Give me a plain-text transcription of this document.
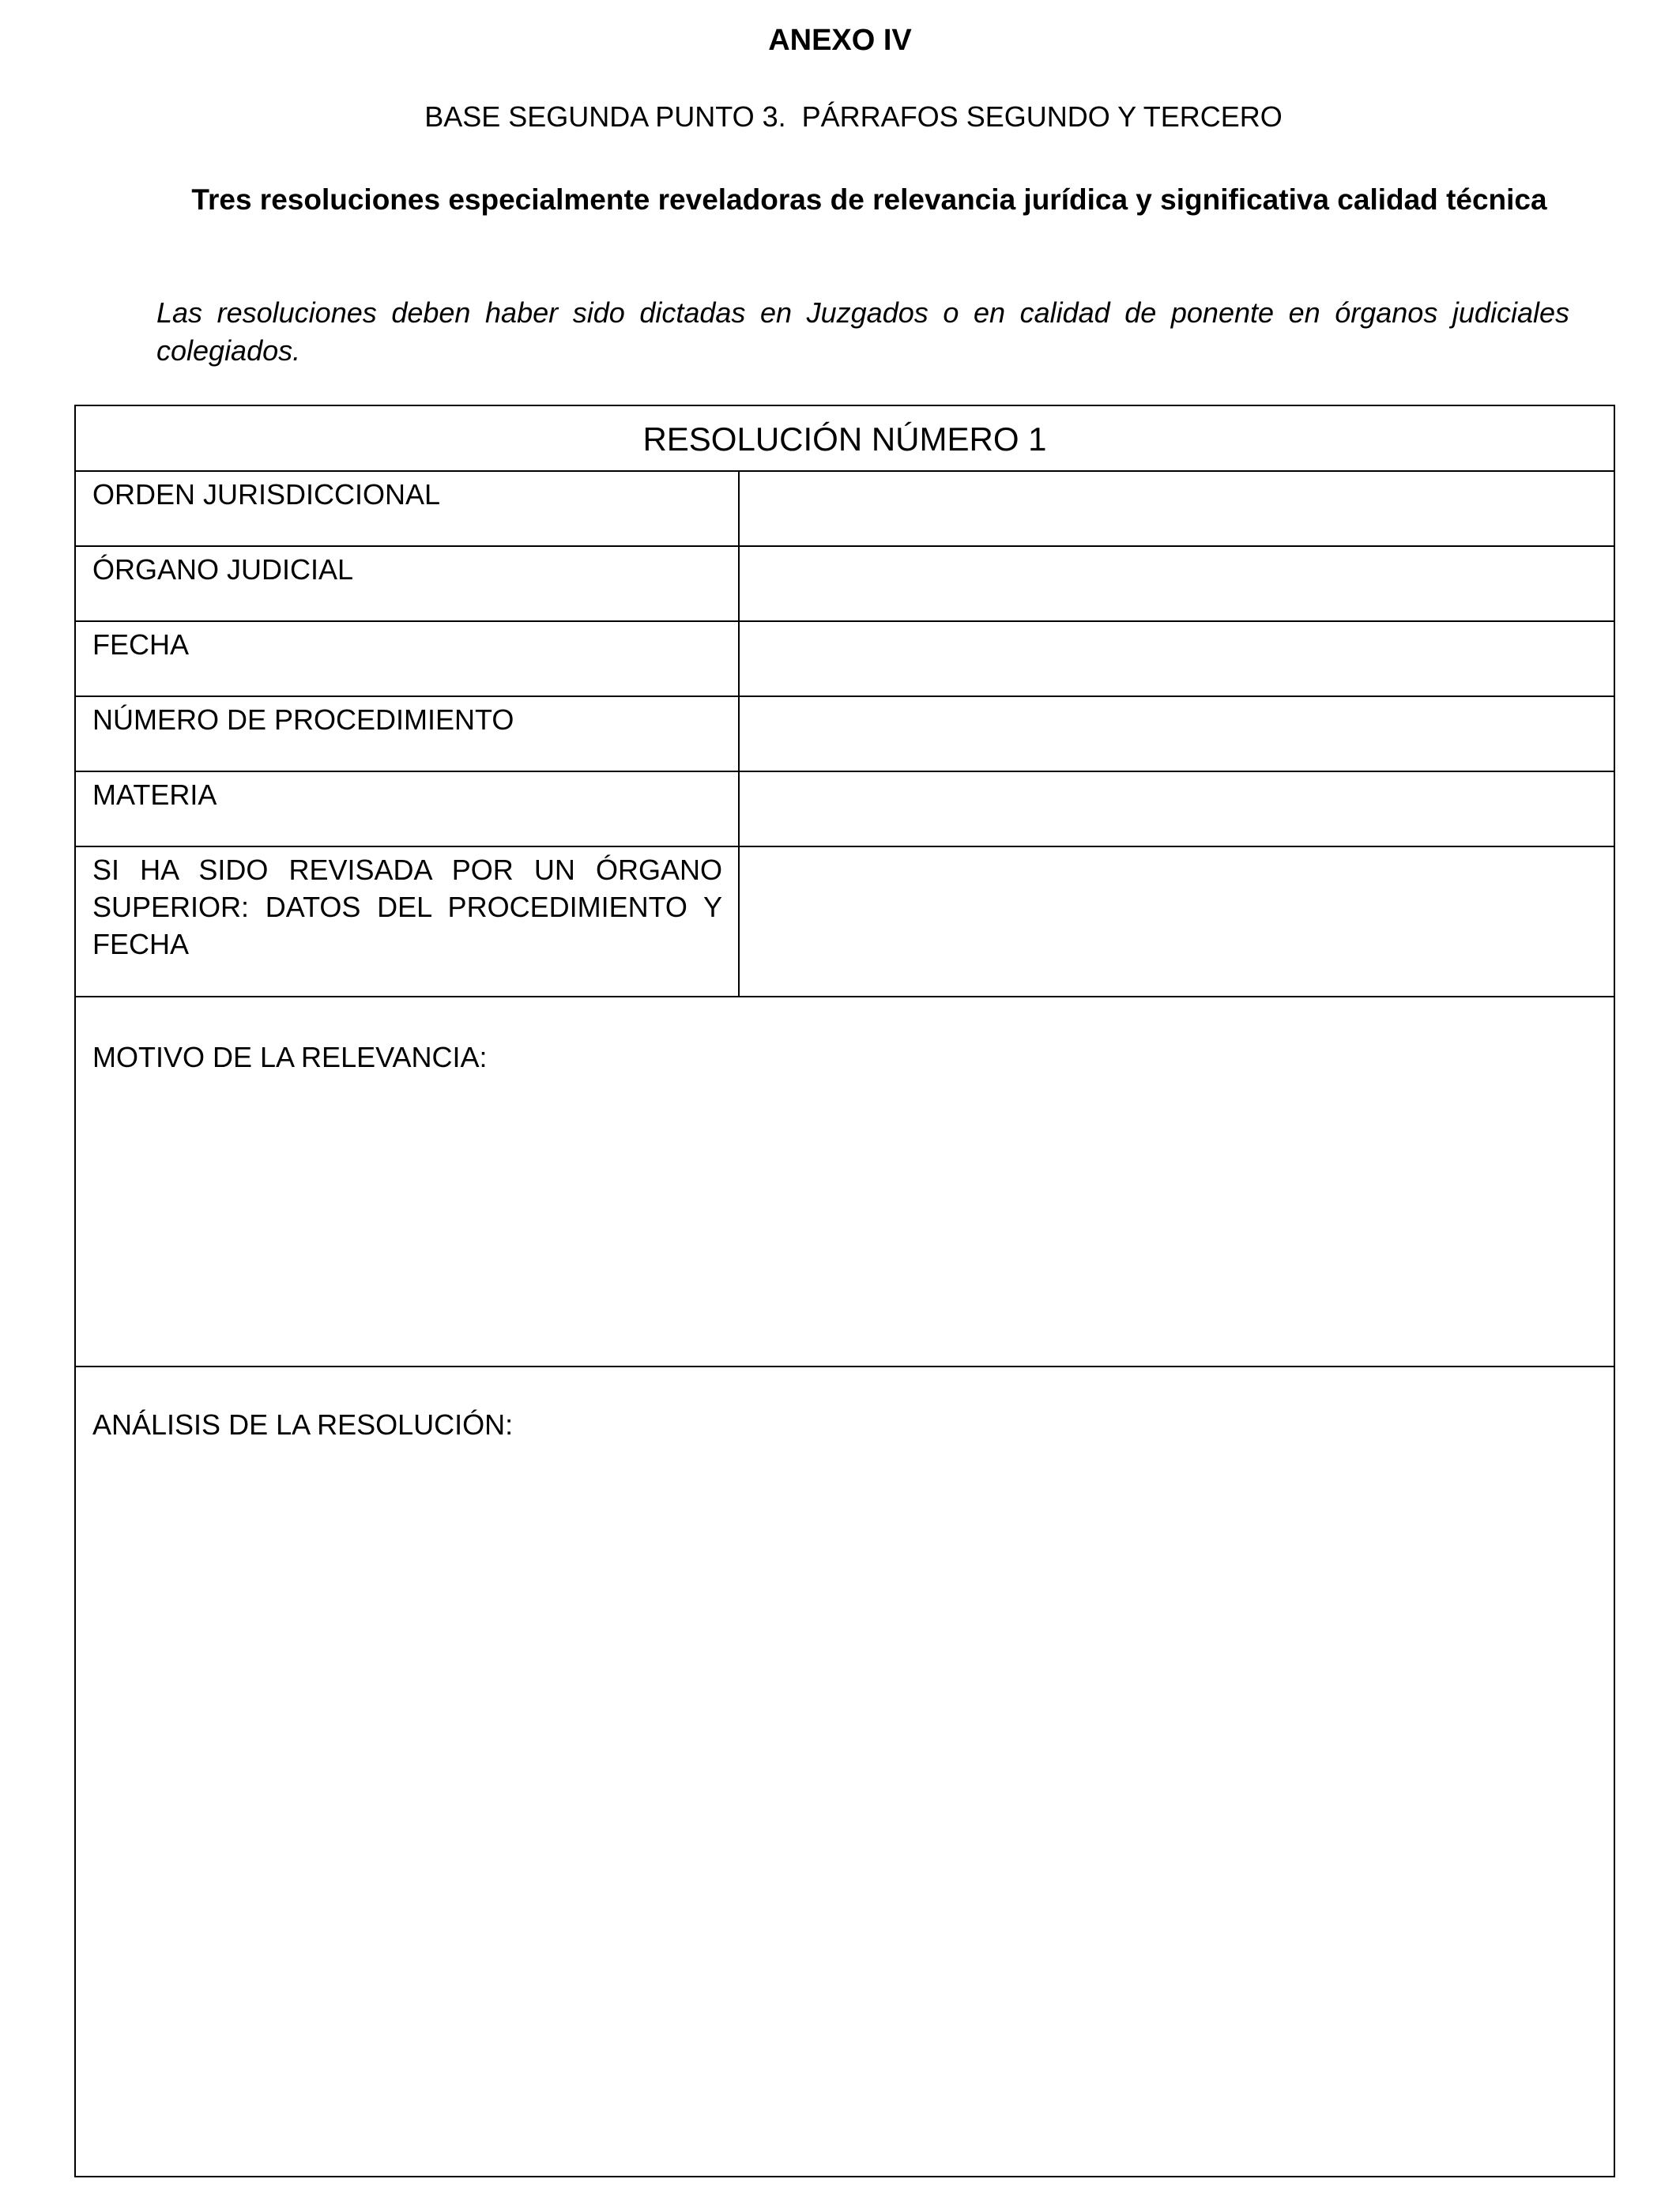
ANEXO IV
BASE SEGUNDA PUNTO 3.  PÁRRAFOS SEGUNDO Y TERCERO
Tres resoluciones especialmente reveladoras de relevancia jurídica y significativa calidad técnica
Las resoluciones deben haber sido dictadas en Juzgados o en calidad de ponente en órganos judiciales colegiados.
RESOLUCIÓN NÚMERO 1
ORDEN JURISDICCIONAL
ÓRGANO JUDICIAL
FECHA
NÚMERO DE PROCEDIMIENTO
MATERIA
SI HA SIDO REVISADA POR UN ÓRGANO SUPERIOR: DATOS DEL PROCEDIMIENTO Y FECHA
MOTIVO DE LA RELEVANCIA:
ANÁLISIS DE LA RESOLUCIÓN:
